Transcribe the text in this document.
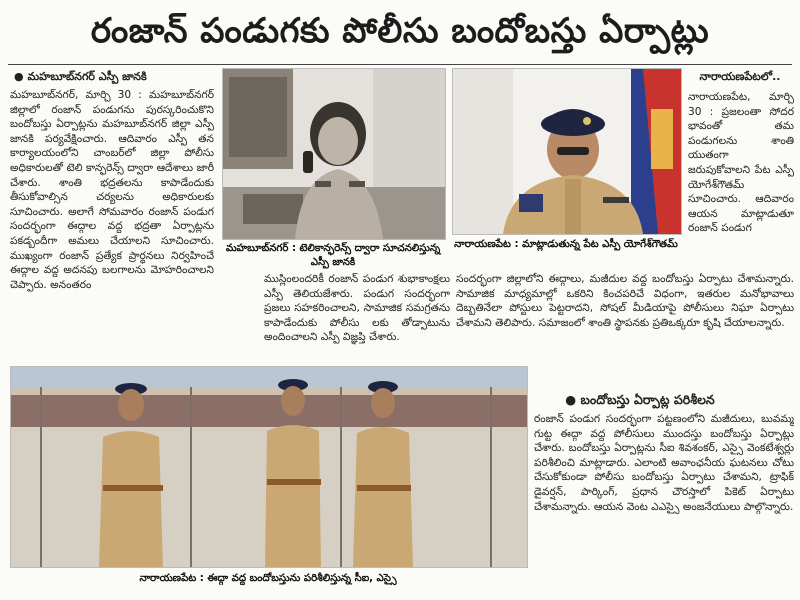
రంజాన్ పండుగకు పోలీసు బందోబస్తు ఏర్పాట్లు
● మహబూబ్‌నగర్ ఎస్పీ జానకి
మహబూబ్‌నగర్, మార్చి 30 : మహబూబ్‌నగర్ జిల్లాలో రంజాన్ పండుగను పురస్కరించుకొని బందోబస్తు ఏర్పాట్లను మహబూబ్‌నగర్ జిల్లా ఎస్పీ జానకి పర్యవేక్షించారు. ఆదివారం ఎస్పీ తన కార్యాలయంలోని చాంబర్‌లో జిల్లా పోలీసు అధికారులతో టెలి కాన్ఫరెన్స్ ద్వారా ఆదేశాలు జారీ చేశారు. శాంతి భద్రతలను కాపాడేందుకు తీసుకోవాల్సిన చర్యలను అధికారులకు సూచించారు. అలాగే సోమవారం రంజాన్ పండుగ సందర్భంగా ఈద్గాల వద్ద భద్రతా ఏర్పాట్లను పకడ్బందీగా అమలు చేయాలని సూచించారు. ముఖ్యంగా రంజాన్ ప్రత్యేక ప్రార్థనలు నిర్వహించే ఈద్గాల వద్ద అదనపు బలగాలను మోహరించాలని చెప్పారు. అనంతరం
మహబూబ్‌నగర్ : టెలికాన్ఫరెన్స్ ద్వారా సూచనలిస్తున్న ఎస్పీ జానకి
నారాయణపేట : మాట్లాడుతున్న పేట ఎస్పీ యోగేశ్‌గౌతమ్
నారాయణపేటలో..
నారాయణపేట, మార్చి 30 : ప్రజలంతా సోదర భావంతో తమ పండుగలను శాంతి యుతంగా జరుపుకోవాలని పేట ఎస్పీ యోగేశ్‌గౌతమ్ సూచించారు. ఆదివారం ఆయన మాట్లాడుతూ రంజాన్ పండుగ
ముస్లింలందరికీ రంజాన్ పండుగ శుభాకాంక్షలు ఎస్పీ తెలియజేశారు. పండుగ సందర్భంగా ప్రజలు సహకరించాలని, సామాజిక సమగ్రతను కాపాడేందుకు పోలీసు లకు తోడ్పాటును అందించాలని ఎస్పీ విజ్ఞప్తి చేశారు.
సందర్భంగా జిల్లాలోని ఈద్గాలు, మజీదుల వద్ద బందోబస్తు ఏర్పాటు చేశామన్నారు. సామాజిక మాధ్యమాల్లో ఒకరిని కించపరిచే విధంగా, ఇతరుల మనోభావాలు దెబ్బతినేలా పోస్టులు పెట్టరాదని, సోషల్ మీడియాపై పోలీసులు నిఘా ఏర్పాటు చేశామని తెలిపారు. సమాజంలో శాంతి స్థాపనకు ప్రతిఒక్కరూ కృషి చేయాలన్నారు.
● బందోబస్తు ఏర్పాట్ల పరిశీలన
రంజాన్ పండుగ సందర్భంగా పట్టణంలోని మజీదులు, బువమ్మ గుట్ట ఈద్గా వద్ద పోలీసులు ముందస్తు బందోబస్తు ఏర్పాట్లు చేశారు. బందోబస్తు ఏర్పాట్లను సీఐ శివశంకర్, ఎస్సై వెంకటేశ్వర్లు పరిశీలించి మాట్లాడారు. ఎలాంటి అవాంఛనీయ ఘటనలు చోటు చేసుకోకుండా పోలీసు బందోబస్తు ఏర్పాటు చేశామని, ట్రాఫిక్ డైవర్షన్, పార్కింగ్, ప్రధాన చౌరస్తాలో పికెట్ ఏర్పాటు చేశామన్నారు. ఆయన వెంట ఎఎస్సై అంజనేయులు పాల్గొన్నారు.
నారాయణపేట : ఈద్గా వద్ద బందోబస్తును పరిశీలిస్తున్న సీఐ, ఎస్సై
